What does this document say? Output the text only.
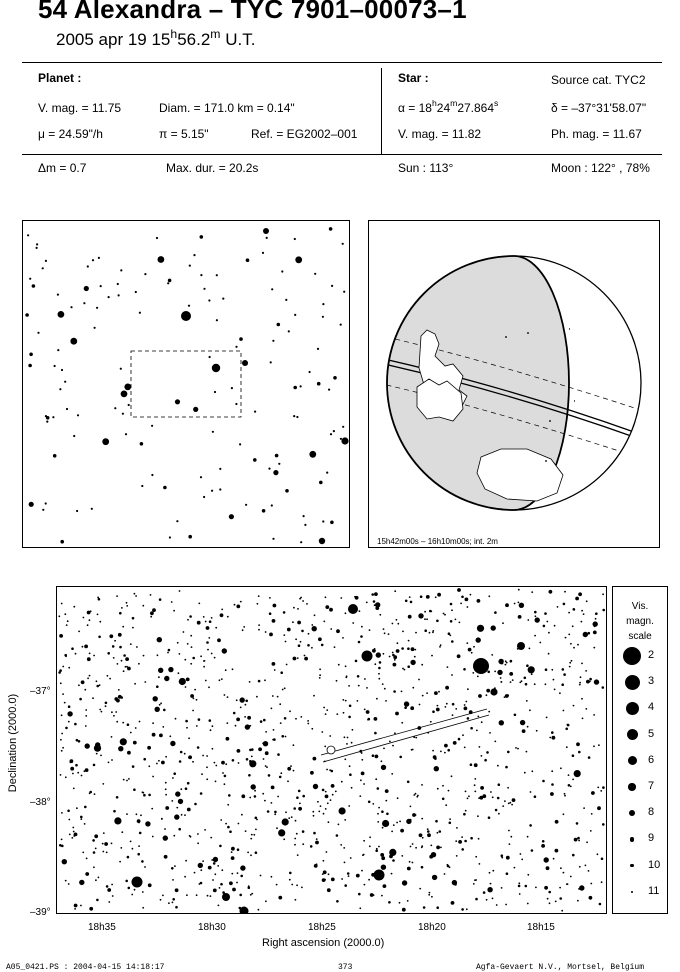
54 Alexandra – TYC 7901–00073–1
2005 apr 19 15$^h$56.2$^m$ U.T.
Planet :
V. mag. = 11.75	Diam. = 171.0 km = 0.14"
μ = 24.59"/h	π = 5.15"	Ref. = EG2002–001
Δm = 0.7	Max. dur. = 20.2s
Star :	Source cat. TYC2
$\alpha = 18^h24^m27.864^s$	δ = –37°31'58.07"
V. mag. = 11.82	Ph. mag. = 11.67
Sun : 113°	Moon : 122° , 78%
15h42m00s – 16h10m00s; int. 2m
Declination (2000.0)
–37°
–38°
–39°
18h35	18h30	18h25	18h20	18h15
Right ascension (2000.0)
Vis.
magn.
scale
2
3
4
5
6
7
8
9
10
11
A05_0421.PS : 2004-04-15 14:18:17	373	Agfa-Gevaert N.V., Mortsel, Belgium
